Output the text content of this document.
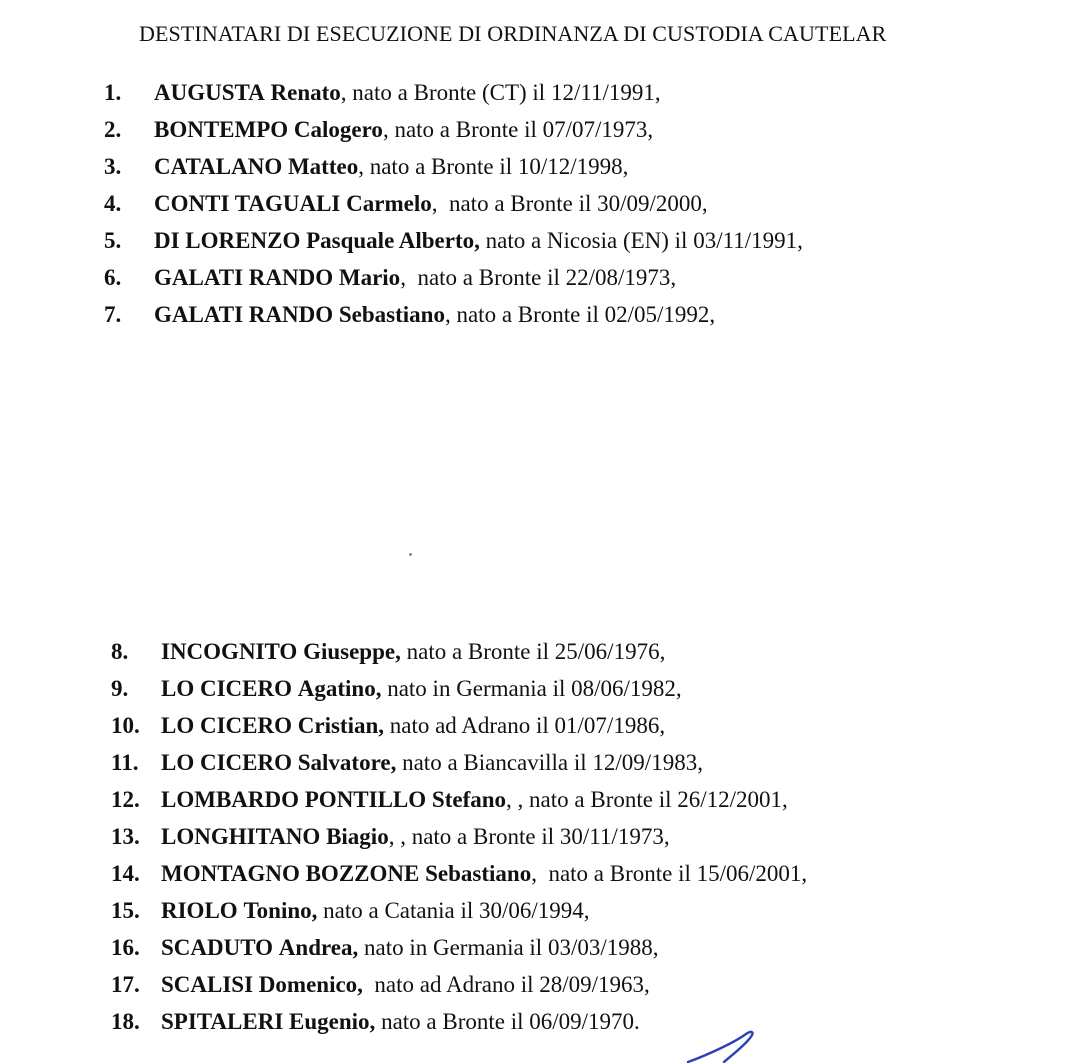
DESTINATARI DI ESECUZIONE DI ORDINANZA DI CUSTODIA CAUTELAR
1. AUGUSTA Renato, nato a Bronte (CT) il 12/11/1991,
2. BONTEMPO Calogero, nato a Bronte il 07/07/1973,
3. CATALANO Matteo, nato a Bronte il 10/12/1998,
4. CONTI TAGUALI Carmelo,  nato a Bronte il 30/09/2000,
5. DI LORENZO Pasquale Alberto, nato a Nicosia (EN) il 03/11/1991,
6. GALATI RANDO Mario,  nato a Bronte il 22/08/1973,
7. GALATI RANDO Sebastiano, nato a Bronte il 02/05/1992,
8. INCOGNITO Giuseppe, nato a Bronte il 25/06/1976,
9. LO CICERO Agatino, nato in Germania il 08/06/1982,
10. LO CICERO Cristian, nato ad Adrano il 01/07/1986,
11. LO CICERO Salvatore, nato a Biancavilla il 12/09/1983,
12. LOMBARDO PONTILLO Stefano, , nato a Bronte il 26/12/2001,
13. LONGHITANO Biagio, , nato a Bronte il 30/11/1973,
14. MONTAGNO BOZZONE Sebastiano,  nato a Bronte il 15/06/2001,
15. RIOLO Tonino, nato a Catania il 30/06/1994,
16. SCADUTO Andrea, nato in Germania il 03/03/1988,
17. SCALISI Domenico,  nato ad Adrano il 28/09/1963,
18. SPITALERI Eugenio, nato a Bronte il 06/09/1970.
